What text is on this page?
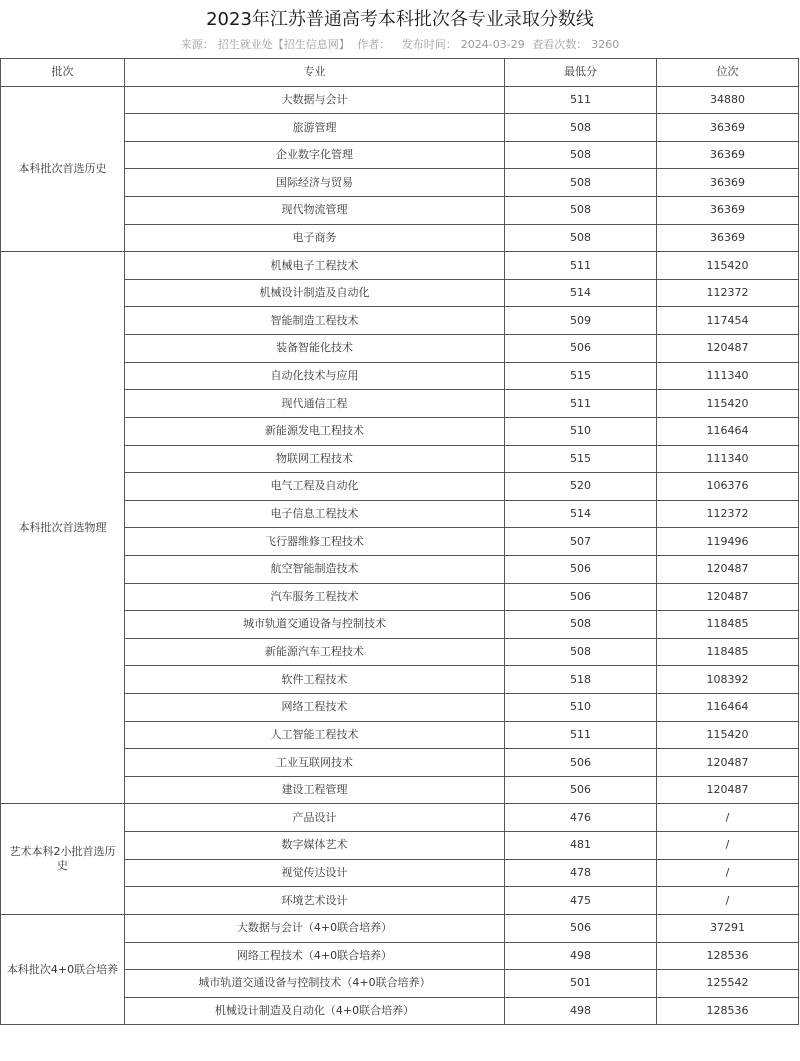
2023年江苏普通高考本科批次各专业录取分数线
来源： 招生就业处【招生信息网】 作者： 发布时间： 2024-03-29 查看次数： 3260
批次	专业	最低分	位次
本科批次首选历史	大数据与会计	511	34880
	旅游管理	508	36369
	企业数字化管理	508	36369
	国际经济与贸易	508	36369
	现代物流管理	508	36369
	电子商务	508	36369
本科批次首选物理	机械电子工程技术	511	115420
	机械设计制造及自动化	514	112372
	智能制造工程技术	509	117454
	装备智能化技术	506	120487
	自动化技术与应用	515	111340
	现代通信工程	511	115420
	新能源发电工程技术	510	116464
	物联网工程技术	515	111340
	电气工程及自动化	520	106376
	电子信息工程技术	514	112372
	飞行器维修工程技术	507	119496
	航空智能制造技术	506	120487
	汽车服务工程技术	506	120487
	城市轨道交通设备与控制技术	508	118485
	新能源汽车工程技术	508	118485
	软件工程技术	518	108392
	网络工程技术	510	116464
	人工智能工程技术	511	115420
	工业互联网技术	506	120487
	建设工程管理	506	120487
艺术本科2小批首选历史	产品设计	476	/
	数字媒体艺术	481	/
	视觉传达设计	478	/
	环境艺术设计	475	/
本科批次4+0联合培养	大数据与会计（4+0联合培养）	506	37291
	网络工程技术（4+0联合培养）	498	128536
	城市轨道交通设备与控制技术（4+0联合培养）	501	125542
	机械设计制造及自动化（4+0联合培养）	498	128536
